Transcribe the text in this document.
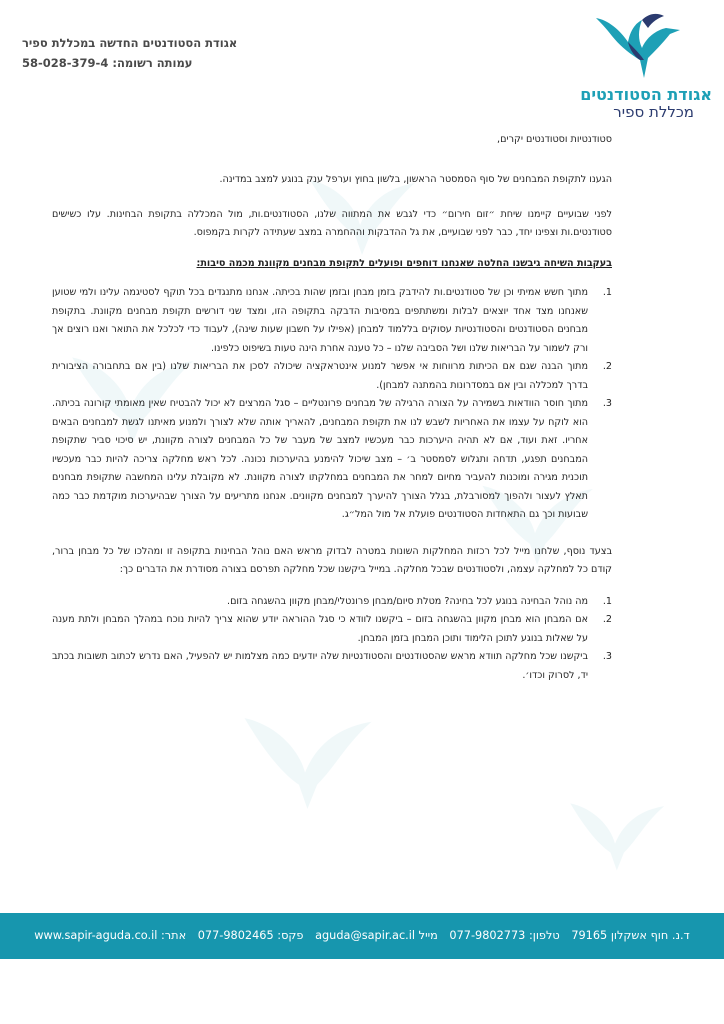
אגודת הסטודנטים החדשה במכללת ספיר
עמותה רשומה: 58-028-379-4
אגודת הסטודנטים
מכללת ספיר

סטודנטיות וסטודנטים יקרים,

הגענו לתקופת המבחנים של סוף הסמסטר הראשון, בלשון בחוץ וערפל ענק בנוגע למצב במדינה.

לפני שבועיים קיימנו שיחת ״זום חירום״ כדי לגבש את המתווה שלנו, הסטודנטים.ות, מול המכללה בתקופת הבחינות. עלו כשישים סטודנטים.ות וצפינו יחד, כבר לפני שבועיים, את גל ההדבקות וההחמרה במצב שעתידה לקרות בקמפוס.

בעקבות השיחה גיבשנו החלטה שאנחנו דוחפים ופועלים לתקופת מבחנים מקוונת מכמה סיבות:

1.
מתוך חשש אמיתי וכן של סטודנטים.ות להידבק בזמן מבחן ובזמן שהות בכיתה. אנחנו מתנגדים בכל תוקף לסטיגמה עלינו ולמי שטוען שאנחנו מצד אחד יוצאים לבלות ומשתתפים במסיבות הדבקה בתקופה הזו, ומצד שני דורשים תקופת מבחנים מקוונת. בתקופת מבחנים הסטודנטים והסטודנטיות עסוקים בללמוד למבחן (אפילו על חשבון שעות שינה), לעבוד כדי לכלכל את התואר ואנו רוצים אך ורק לשמור על הבריאות שלנו ושל הסביבה שלנו – כל טענה אחרת הינה טעות בשיפוט כלפינו.
2.
מתוך הבנה שגם אם הכיתות מרווחות אי אפשר למנוע אינטראקציה שיכולה לסכן את הבריאות שלנו (בין אם בתחבורה הציבורית בדרך למכללה ובין אם במסדרונות בהמתנה למבחן).
3.
מתוך חוסר הוודאות בשמירה על הצורה הרגילה של מבחנים פרונטליים – סגל המרצים לא יכול להבטיח שאין מאומתי קורונה בכיתה. הוא לוקח על עצמו את האחריות לשבש לנו את תקופת המבחנים, להאריך אותה שלא לצורך ולמנוע מאיתנו לגשת למבחנים הבאים אחריו. זאת ועוד, אם לא תהיה היערכות כבר מעכשיו למצב של מעבר של כל המבחנים לצורה מקוונת, יש סיכוי סביר שתקופת המבחנים תפגע, תדחה ותגלוש לסמסטר ב׳ – מצב שיכול להימנע בהיערכות נכונה. לכל ראש מחלקה צריכה להיות כבר מעכשיו תוכנית מגירה ומוכנות להעביר מחיום למחר את המבחנים במחלקתו לצורה מקוונת. לא מקובלת עלינו המחשבה שתקופת מבחנים תאלץ לעצור ולהפוך למסורבלת, בגלל הצורך להיערך למבחנים מקוונים. אנחנו מתריעים על הצורך שבהיערכות מוקדמת כבר כמה שבועות וכך גם התאחדות הסטודנטים פועלת אל מול המל״ג.

בצעד נוסף, שלחנו מייל לכל רכזות המחלקות השונות במטרה לבדוק מראש האם נוהל הבחינות בתקופה זו ומהלכו של כל מבחן ברור, קודם כל למחלקה עצמה, ולסטודנטים שבכל מחלקה. במייל ביקשנו שכל מחלקה תפרסם בצורה מסודרת את הדברים כך:

1.
מה נוהל הבחינה בנוגע לכל בחינה? מטלת סיום/מבחן פרונטלי/מבחן מקוון בהשגחה בזום.
2.
אם המבחן הוא מבחן מקוון בהשגחה בזום – ביקשנו לוודא כי סגל ההוראה יודע שהוא צריך להיות נוכח במהלך המבחן ולתת מענה על שאלות בנוגע לתוכן הלימוד ותוכן המבחן בזמן המבחן.
3.
ביקשנו שכל מחלקה תוודא מראש שהסטודנטים והסטודנטיות שלה יודעים כמה מצלמות יש להפעיל, האם נדרש לכתוב תשובות בכתב יד, לסרוק וכדו׳.
ד.נ. חוף אשקלון 79165 טלפון: 077-9802773 מייל aguda@sapir.ac.il פקס: 077-9802465 אתר: www.sapir-aguda.co.il
